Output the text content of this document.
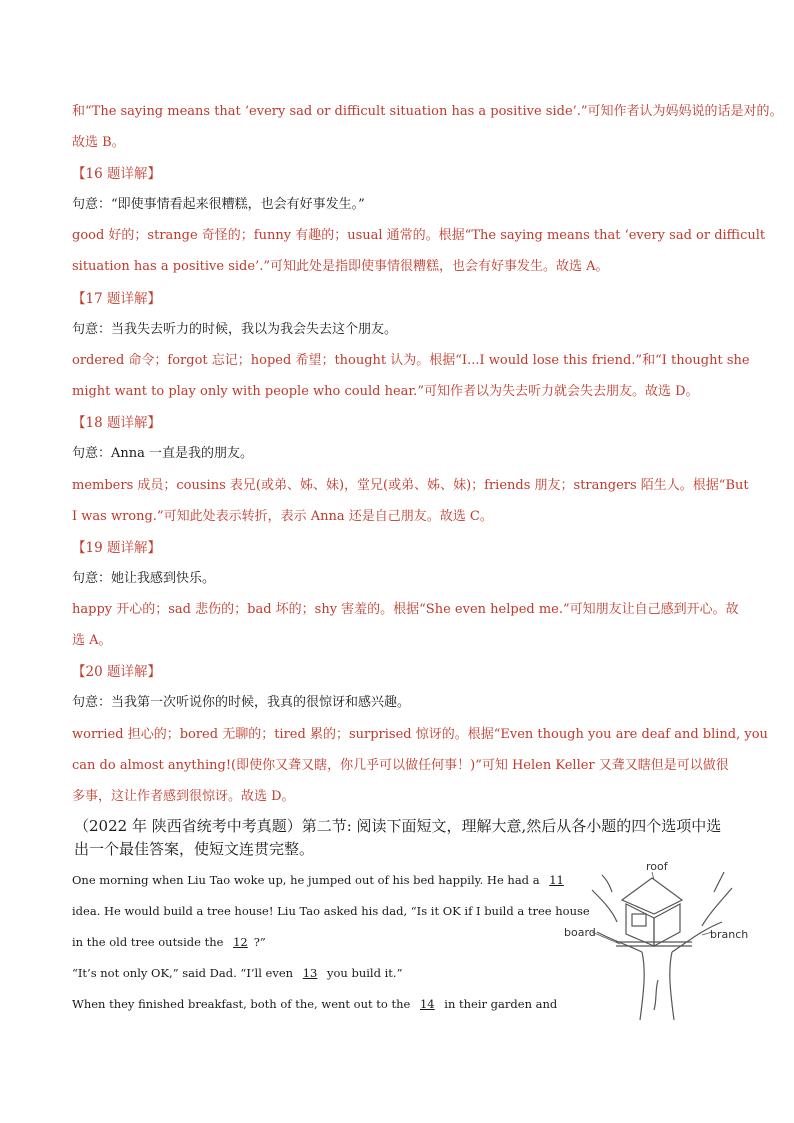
和“The saying means that ‘every sad or difficult situation has a positive side’.”可知作者认为妈妈说的话是对的。
故选 B。
【16 题详解】
句意：“即使事情看起来很糟糕，也会有好事发生。”
good 好的；strange 奇怪的；funny 有趣的；usual 通常的。根据“The saying means that ‘every sad or difficult
situation has a positive side’.”可知此处是指即使事情很糟糕，也会有好事发生。故选 A。
【17 题详解】
句意：当我失去听力的时候，我以为我会失去这个朋友。
ordered 命令；forgot 忘记；hoped 希望；thought 认为。根据“I...I would lose this friend.”和“I thought she
might want to play only with people who could hear.”可知作者以为失去听力就会失去朋友。故选 D。
【18 题详解】
句意：Anna 一直是我的朋友。
members 成员；cousins 表兄(或弟、姊、妹)，堂兄(或弟、姊、妹)；friends 朋友；strangers 陌生人。根据“But
I was wrong.”可知此处表示转折，表示 Anna 还是自己朋友。故选 C。
【19 题详解】
句意：她让我感到快乐。
happy 开心的；sad 悲伤的；bad 坏的；shy 害羞的。根据“She even helped me.”可知朋友让自己感到开心。故
选 A。
【20 题详解】
句意：当我第一次听说你的时候，我真的很惊讶和感兴趣。
worried 担心的；bored 无聊的；tired 累的；surprised 惊讶的。根据“Even though you are deaf and blind, you
can do almost anything!(即使你又聋又瞎，你几乎可以做任何事！)”可知 Helen Keller 又聋又瞎但是可以做很
多事，这让作者感到很惊讶。故选 D。
（2022 年 陕西省统考中考真题）第二节: 阅读下面短文，理解大意,然后从各小题的四个选项中选
出一个最佳答案，使短文连贯完整。
One morning when Liu Tao woke up, he jumped out of his bed happily. He had a 11
idea. He would build a tree house! Liu Tao asked his dad, “Is it OK if I build a tree house
in the old tree outside the 12 ?”
“It’s not only OK,” said Dad. “I’ll even 13 you build it.”
When they finished breakfast, both of the, went out to the 14 in their garden and
roof
board	branch
